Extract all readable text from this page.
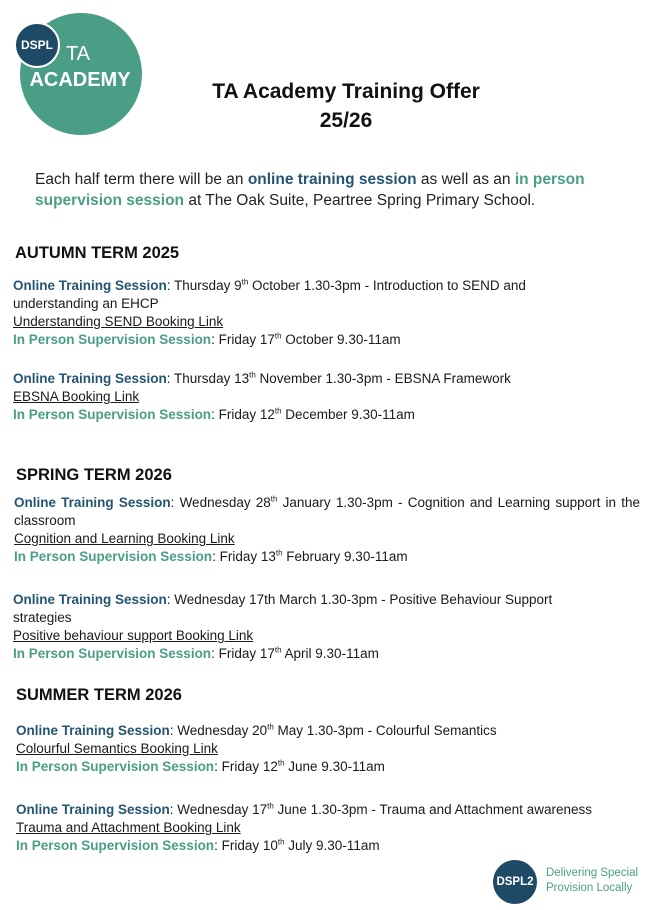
TA
ACADEMY
DSPL
TA Academy Training Offer
25/26
Each half term there will be an online training session as well as an in person supervision session at The Oak Suite, Peartree Spring Primary School.
AUTUMN TERM 2025

Online Training Session: Thursday 9th October 1.30-3pm - Introduction to SEND and understanding an EHCP

Understanding SEND Booking Link

In Person Supervision Session: Friday 17th October 9.30-11am

Online Training Session: Thursday 13th November 1.30-3pm - EBSNA Framework

EBSNA Booking Link

In Person Supervision Session: Friday 12th December 9.30-11am

SPRING TERM 2026

Online Training Session: Wednesday 28th January 1.30-3pm - Cognition and Learning support in the classroom

Cognition and Learning Booking Link

In Person Supervision Session: Friday 13th February 9.30-11am

Online Training Session: Wednesday 17th March 1.30-3pm - Positive Behaviour Support strategies

Positive behaviour support Booking Link

In Person Supervision Session: Friday 17th April 9.30-11am

SUMMER TERM 2026

Online Training Session: Wednesday 20th May 1.30-3pm - Colourful Semantics

Colourful Semantics Booking Link

In Person Supervision Session: Friday 12th June 9.30-11am

Online Training Session: Wednesday 17th June 1.30-3pm - Trauma and Attachment awareness

Trauma and Attachment Booking Link

In Person Supervision Session: Friday 10th July 9.30-11am

DSPL2
Delivering Special
Provision Locally
